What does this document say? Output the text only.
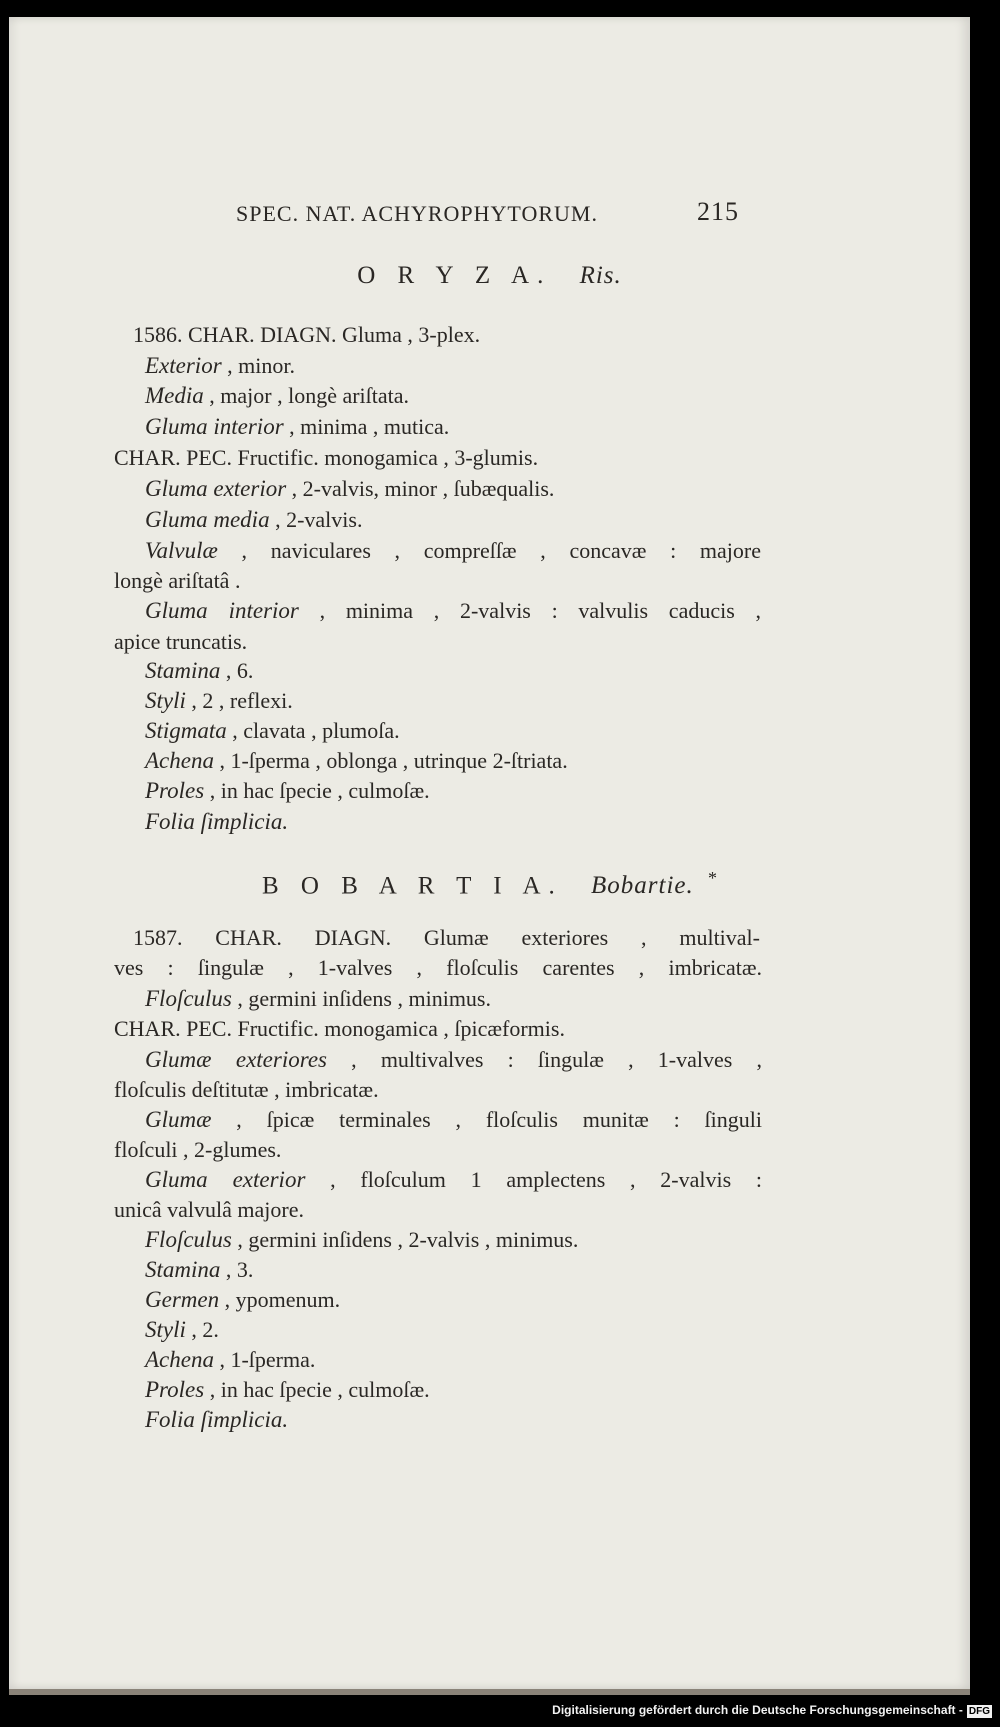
SPEC. NAT. ACHYROPHYTORUM.	215
O R Y Z A. Ris.
1586. CHAR. DIAGN. Gluma , 3-plex.
Exterior , minor.
Media , major , longè ariſtata.
Gluma interior , minima , mutica.
CHAR. PEC. Fructific. monogamica , 3-glumis.
Gluma exterior , 2-valvis, minor , ſubæqualis.
Gluma media , 2-valvis.
Valvulæ , naviculares , compreſſæ , concavæ : majore
longè ariſtatâ .
Gluma interior , minima , 2-valvis : valvulis caducis ,
apice truncatis.
Stamina , 6.
Styli , 2 , reflexi.
Stigmata , clavata , plumoſa.
Achena , 1-ſperma , oblonga , utrinque 2-ſtriata.
Proles , in hac ſpecie , culmoſæ.
Folia ſimplicia.
B O B A R T I A. Bobartie. *
1587. CHAR. DIAGN. Glumæ exteriores , multival-
ves : ſingulæ , 1-valves , floſculis carentes , imbricatæ.
Floſculus , germini inſidens , minimus.
CHAR. PEC. Fructific. monogamica , ſpicæformis.
Glumæ exteriores , multivalves : ſingulæ , 1-valves ,
floſculis deſtitutæ , imbricatæ.
Glumæ , ſpicæ terminales , floſculis munitæ : ſinguli
floſculi , 2-glumes.
Gluma exterior , floſculum 1 amplectens , 2-valvis :
unicâ valvulâ majore.
Floſculus , germini inſidens , 2-valvis , minimus.
Stamina , 3.
Germen , ypomenum.
Styli , 2.
Achena , 1-ſperma.
Proles , in hac ſpecie , culmoſæ.
Folia ſimplicia.
Digitalisierung gefördert durch die Deutsche Forschungsgemeinschaft - DFG
